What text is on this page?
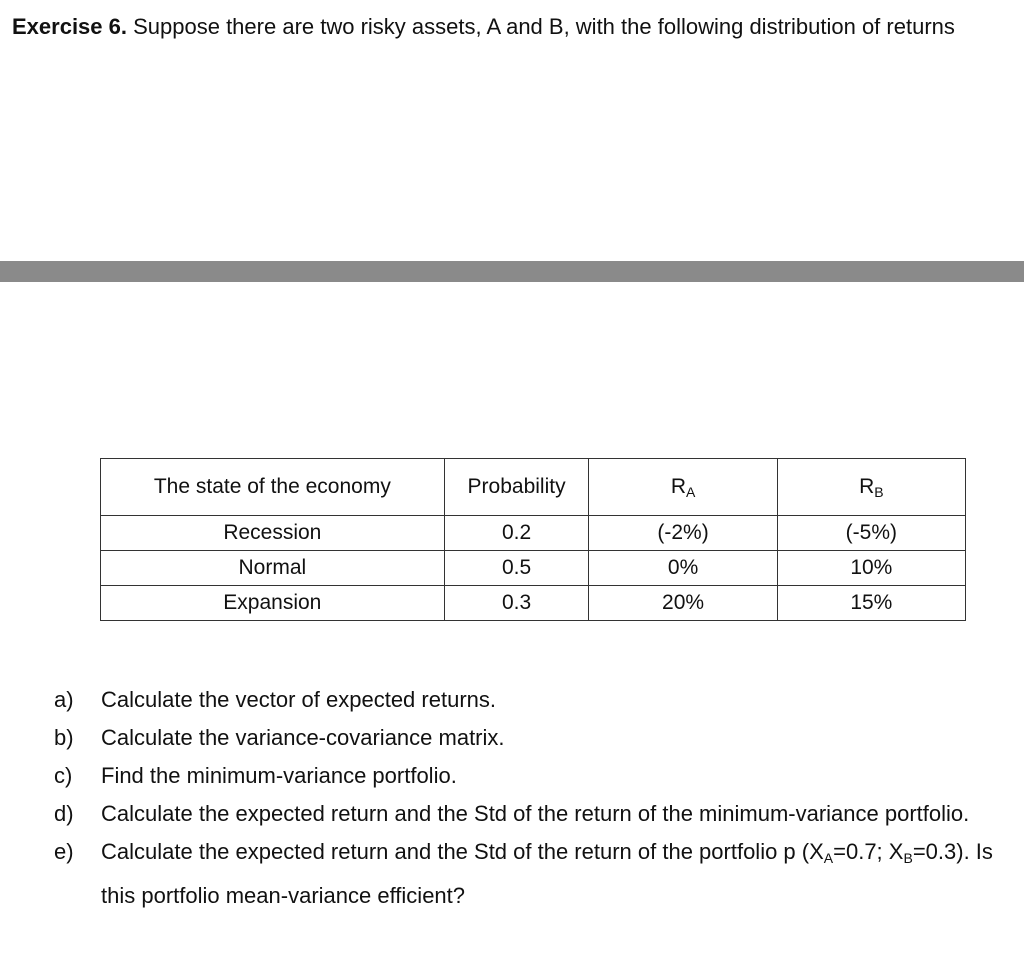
Exercise 6. Suppose there are two risky assets, A and B, with the following distribution of returns

The state of the economy	Probability	$R_A$	$R_B$
Recession	0.2	(-2%)	(-5%)
Normal	0.5	0%	10%
Expansion	0.3	20%	15%
a)	Calculate the vector of expected returns.
b)	Calculate the variance-covariance matrix.
c)	Find the minimum-variance portfolio.
d)	Calculate the expected return and the Std of the return of the minimum-variance portfolio.
e)	Calculate the expected return and the Std of the return of the portfolio p ($X_A=0.7$; $X_B=0.3$). Is this portfolio mean-variance efficient?
